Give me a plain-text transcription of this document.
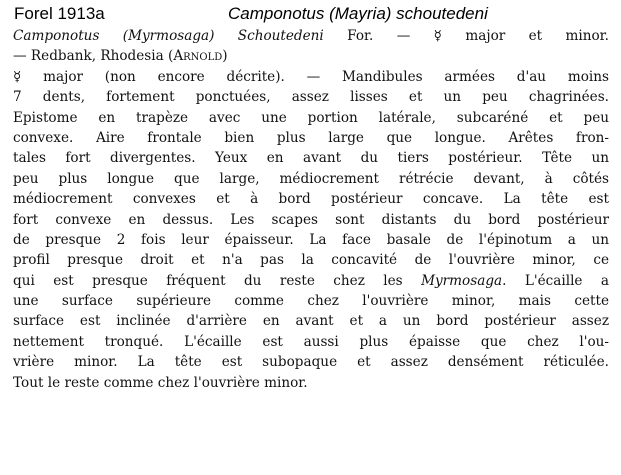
Forel 1913a	Camponotus (Mayria) schoutedeni
Camponotus (Myrmosaga) Schoutedeni For. — ☿ major et minor.
— Redbank, Rhodesia (Arnold)
☿ major (non encore décrite). — Mandibules armées d'au moins
7 dents, fortement ponctuées, assez lisses et un peu chagrinées.
Epistome en trapèze avec une portion latérale, subcaréné et peu
convexe. Aire frontale bien plus large que longue. Arêtes fron-
tales fort divergentes. Yeux en avant du tiers postérieur. Tête un
peu plus longue que large, médiocrement rétrécie devant, à côtés
médiocrement convexes et à bord postérieur concave. La tête est
fort convexe en dessus. Les scapes sont distants du bord postérieur
de presque 2 fois leur épaisseur. La face basale de l'épinotum a un
profil presque droit et n'a pas la concavité de l'ouvrière minor, ce
qui est presque fréquent du reste chez les Myrmosaga. L'écaille a
une surface supérieure comme chez l'ouvrière minor, mais cette
surface est inclinée d'arrière en avant et a un bord postérieur assez
nettement tronqué. L'écaille est aussi plus épaisse que chez l'ou-
vrière minor. La tête est subopaque et assez densément réticulée.
Tout le reste comme chez l'ouvrière minor.
